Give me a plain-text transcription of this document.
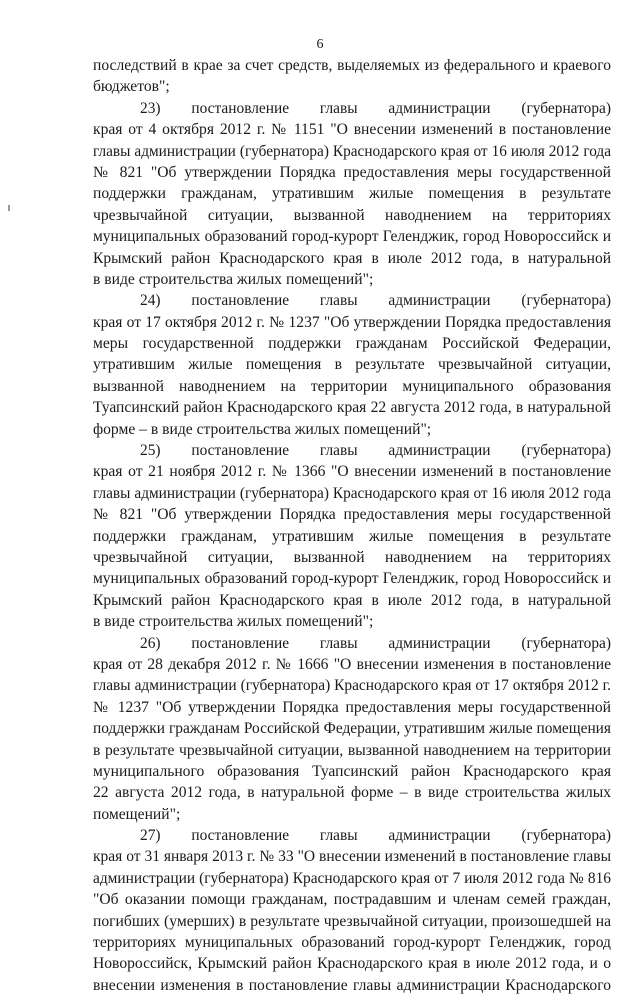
6
последствий в крае за счет средств, выделяемых из федерального и краевого
бюджетов";
23) постановление главы администрации (губернатора)
края от 4 октября 2012 г. № 1151 "О внесении изменений в постановление
главы администрации (губернатора) Краснодарского края от 16 июля 2012 года
№ 821 "Об утверждении Порядка предоставления меры государственной
поддержки гражданам, утратившим жилые помещения в результате
чрезвычайной ситуации, вызванной наводнением на территориях
муниципальных образований город-курорт Геленджик, город Новороссийск и
Крымский район Краснодарского края в июле 2012 года, в натуральной
в виде строительства жилых помещений";
24) постановление главы администрации (губернатора)
края от 17 октября 2012 г. № 1237 "Об утверждении Порядка предоставления
меры государственной поддержки гражданам Российской Федерации,
утратившим жилые помещения в результате чрезвычайной ситуации,
вызванной наводнением на территории муниципального образования
Туапсинский район Краснодарского края 22 августа 2012 года, в натуральной
форме – в виде строительства жилых помещений";
25) постановление главы администрации (губернатора)
края от 21 ноября 2012 г. № 1366 "О внесении изменений в постановление
главы администрации (губернатора) Краснодарского края от 16 июля 2012 года
№ 821 "Об утверждении Порядка предоставления меры государственной
поддержки гражданам, утратившим жилые помещения в результате
чрезвычайной ситуации, вызванной наводнением на территориях
муниципальных образований город-курорт Геленджик, город Новороссийск и
Крымский район Краснодарского края в июле 2012 года, в натуральной
в виде строительства жилых помещений";
26) постановление главы администрации (губернатора)
края от 28 декабря 2012 г. № 1666 "О внесении изменения в постановление
главы администрации (губернатора) Краснодарского края от 17 октября 2012 г.
№ 1237 "Об утверждении Порядка предоставления меры государственной
поддержки гражданам Российской Федерации, утратившим жилые помещения
в результате чрезвычайной ситуации, вызванной наводнением на территории
муниципального образования Туапсинский район Краснодарского края
22 августа 2012 года, в натуральной форме – в виде строительства жилых
помещений";
27) постановление главы администрации (губернатора)
края от 31 января 2013 г. № 33 "О внесении изменений в постановление главы
администрации (губернатора) Краснодарского края от 7 июля 2012 года № 816
"Об оказании помощи гражданам, пострадавшим и членам семей граждан,
погибших (умерших) в результате чрезвычайной ситуации, произошедшей на
территориях муниципальных образований город-курорт Геленджик, город
Новороссийск, Крымский район Краснодарского края в июле 2012 года, и о
внесении изменения в постановление главы администрации Краснодарского
